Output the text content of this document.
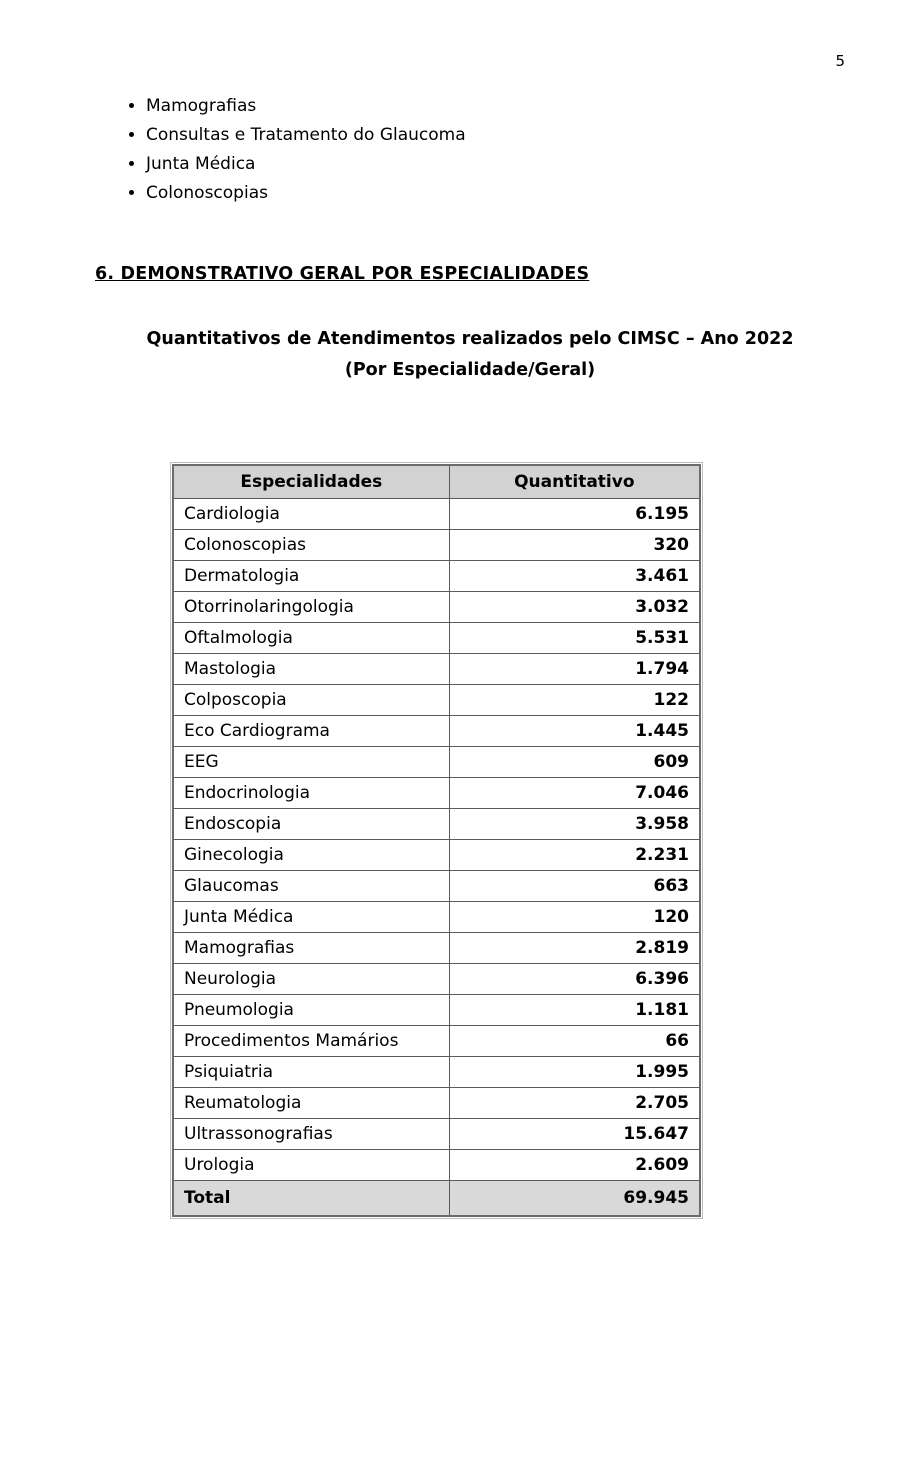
5
• Mamografias
• Consultas e Tratamento do Glaucoma
• Junta Médica
• Colonoscopias
6. DEMONSTRATIVO GERAL POR ESPECIALIDADES
Quantitativos de Atendimentos realizados pelo CIMSC – Ano 2022
(Por Especialidade/Geral)
Especialidades	Quantitativo
Cardiologia	6.195
Colonoscopias	320
Dermatologia	3.461
Otorrinolaringologia	3.032
Oftalmologia	5.531
Mastologia	1.794
Colposcopia	122
Eco Cardiograma	1.445
EEG	609
Endocrinologia	7.046
Endoscopia	3.958
Ginecologia	2.231
Glaucomas	663
Junta Médica	120
Mamografias	2.819
Neurologia	6.396
Pneumologia	1.181
Procedimentos Mamários	66
Psiquiatria	1.995
Reumatologia	2.705
Ultrassonografias	15.647
Urologia	2.609
Total	69.945
